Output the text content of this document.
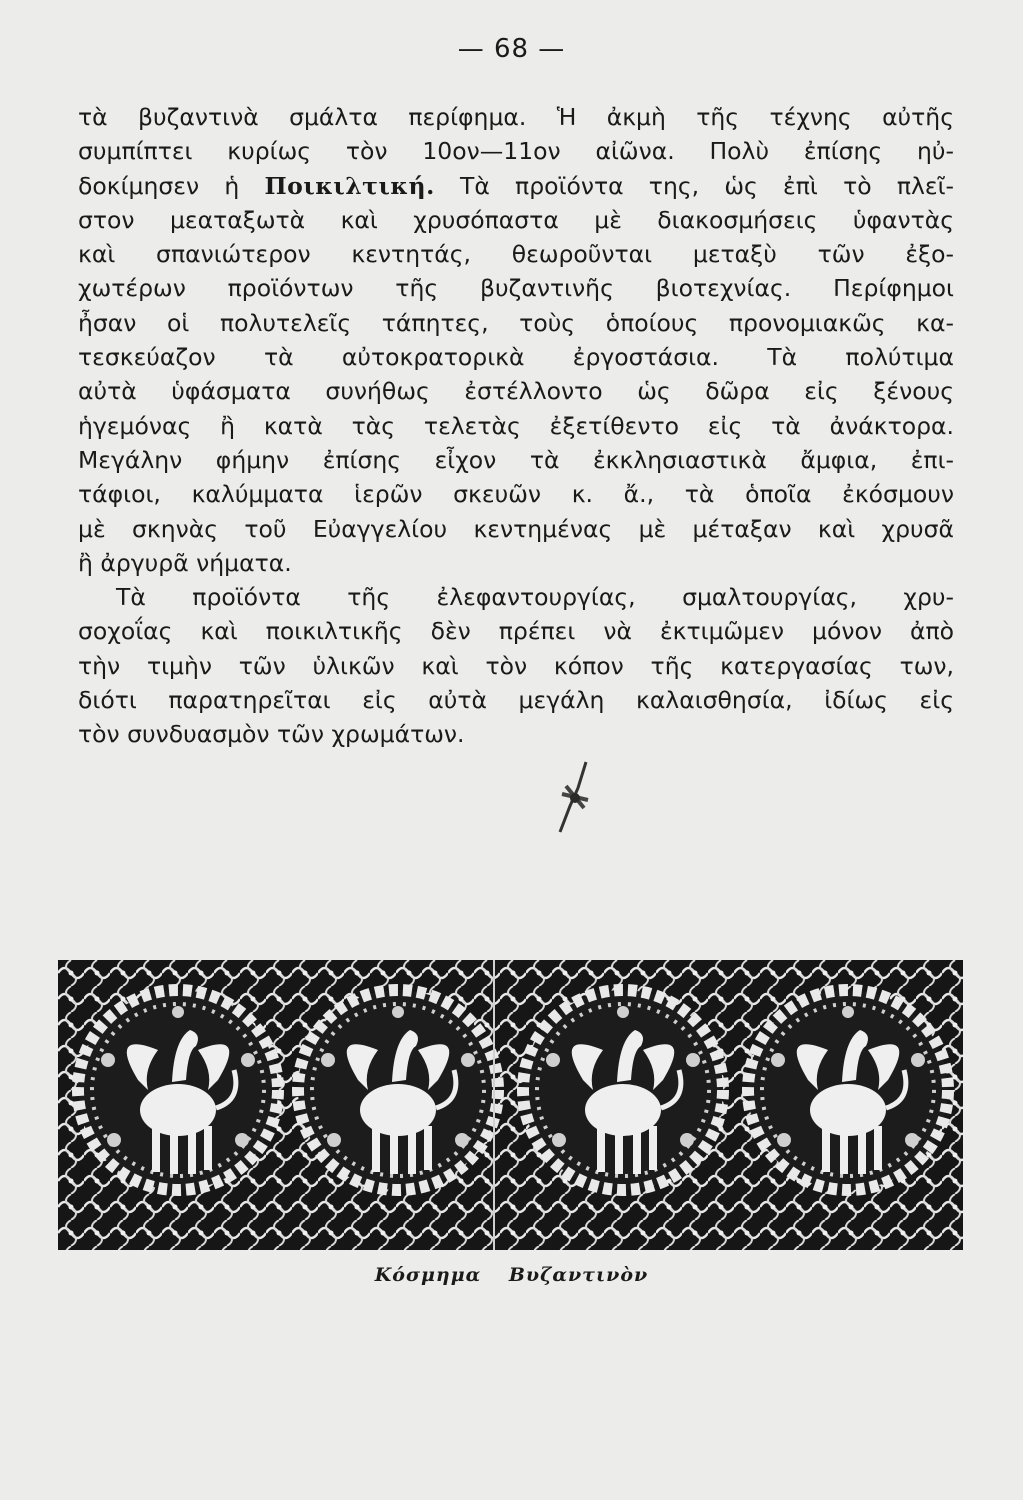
— 68 —

τὰ βυζαντινὰ σμάλτα περίφημα. Ἡ ἀκμὴ τῆς τέχνης αὐτῆς
συμπίπτει κυρίως τὸν 10ον—11ον αἰῶνα. Πολὺ ἐπίσης ηὐ-
δοκίμησεν ἡ Ποικιλτική. Τὰ προϊόντα της, ὡς ἐπὶ τὸ πλεῖ-
στον μεαταξωτὰ καὶ χρυσόπαστα μὲ διακοσμήσεις ὑφαντὰς
καὶ σπανιώτερον κεντητάς, θεωροῦνται μεταξὺ τῶν ἐξο-
χωτέρων προϊόντων τῆς βυζαντινῆς βιοτεχνίας. Περίφημοι
ἦσαν οἱ πολυτελεῖς τάπητες, τοὺς ὁποίους προνομιακῶς κα-
τεσκεύαζον τὰ αὐτοκρατορικὰ ἐργοστάσια. Τὰ πολύτιμα
αὐτὰ ὑφάσματα συνήθως ἐστέλλοντο ὡς δῶρα εἰς ξένους
ἡγεμόνας ἢ κατὰ τὰς τελετὰς ἐξετίθεντο εἰς τὰ ἀνάκτορα.
Μεγάλην φήμην ἐπίσης εἶχον τὰ ἐκκλησιαστικὰ ἄμφια, ἐπι-
τάφιοι, καλύμματα ἱερῶν σκευῶν κ. ἄ., τὰ ὁποῖα ἐκόσμουν
μὲ σκηνὰς τοῦ Εὐαγγελίου κεντημένας μὲ μέταξαν καὶ χρυσᾶ
ἢ ἀργυρᾶ νήματα.

Τὰ προϊόντα τῆς ἐλεφαντουργίας, σμαλτουργίας, χρυ-
σοχοΐας καὶ ποικιλτικῆς δὲν πρέπει νὰ ἐκτιμῶμεν μόνον ἀπὸ
τὴν τιμὴν τῶν ὑλικῶν καὶ τὸν κόπον τῆς κατεργασίας των,
διότι παρατηρεῖται εἰς αὐτὰ μεγάλη καλαισθησία, ἰδίως εἰς
τὸν συνδυασμὸν τῶν χρωμάτων.

Κόσμημα Βυζαντινὸν
